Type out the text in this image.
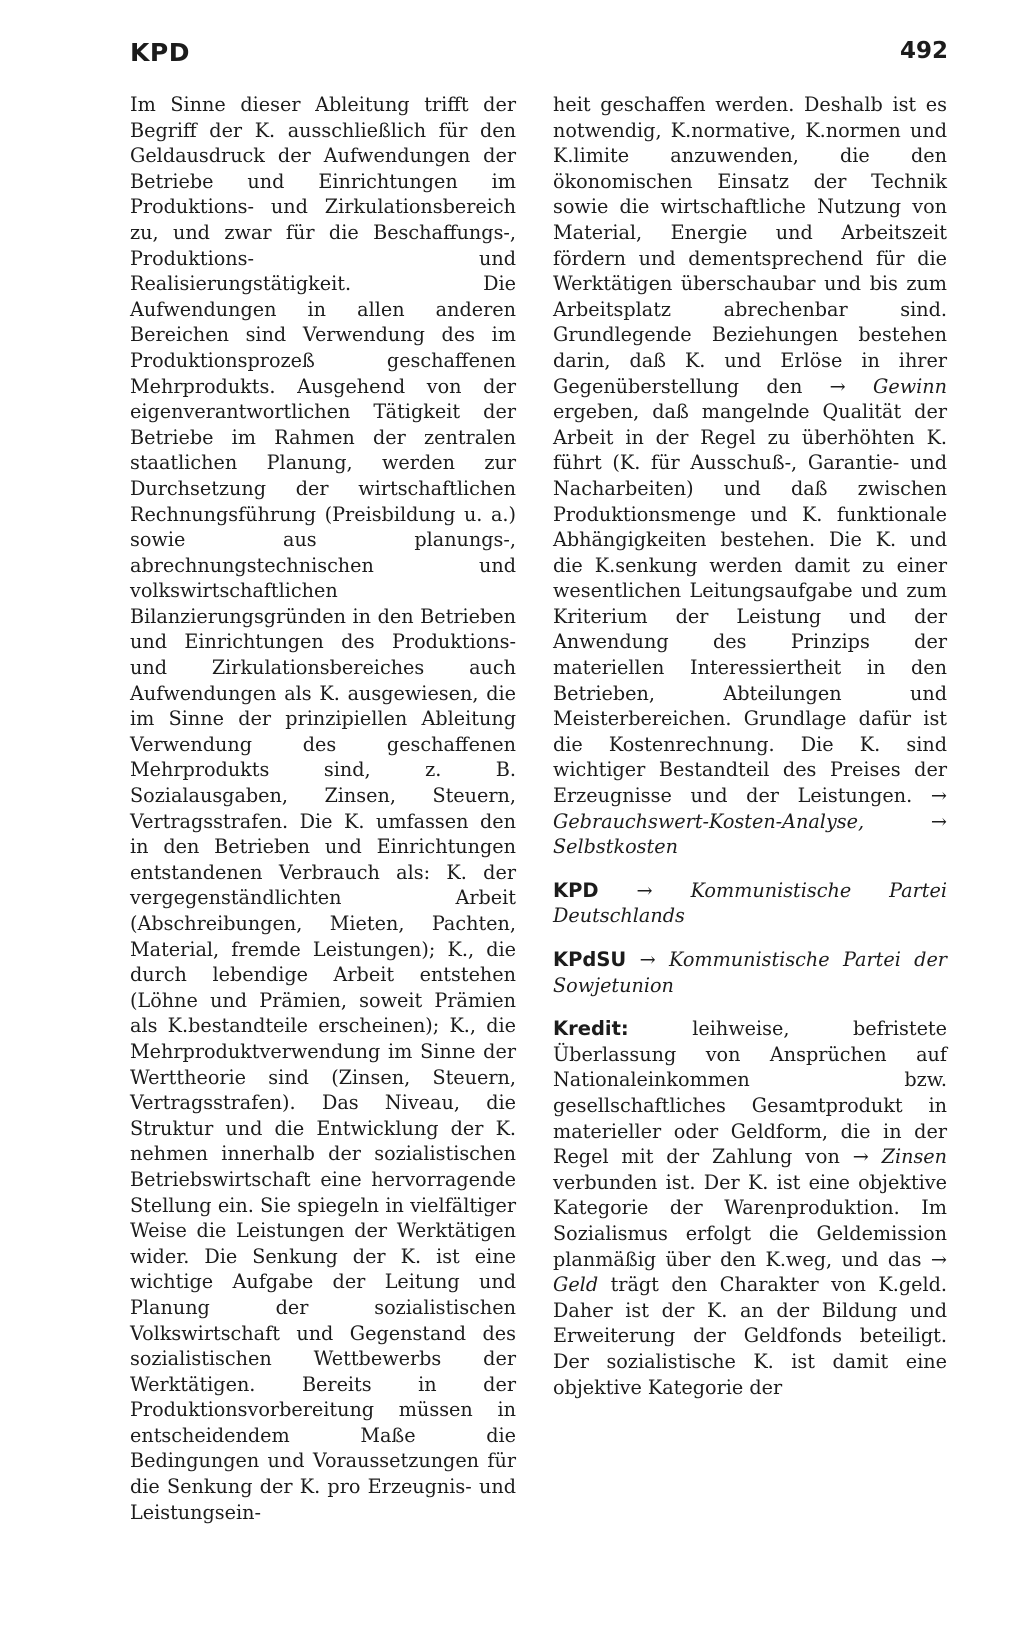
KPD	492

Im Sinne dieser Ableitung trifft der Begriff der K. ausschließlich für den Geldausdruck der Aufwendungen der Betriebe und Einrichtungen im Produktions- und Zirkulationsbereich zu, und zwar für die Beschaffungs-, Produktions- und Realisierungstätigkeit. Die Aufwendungen in allen anderen Bereichen sind Verwendung des im Produktionsprozeß geschaffenen Mehrprodukts. Ausgehend von der eigenverantwortlichen Tätigkeit der Betriebe im Rahmen der zentralen staatlichen Planung, werden zur Durchsetzung der wirtschaftlichen Rechnungsführung (Preisbildung u. a.) sowie aus planungs-, abrechnungstechnischen und volkswirtschaftlichen Bilanzierungsgründen in den Betrieben und Einrichtungen des Produktions- und Zirkulationsbereiches auch Aufwendungen als K. ausgewiesen, die im Sinne der prinzipiellen Ableitung Verwendung des geschaffenen Mehrprodukts sind, z. B. Sozialausgaben, Zinsen, Steuern, Vertragsstrafen. Die K. umfassen den in den Betrieben und Einrichtungen entstandenen Verbrauch als: K. der vergegenständlichten Arbeit (Abschreibungen, Mieten, Pachten, Material, fremde Leistungen); K., die durch lebendige Arbeit entstehen (Löhne und Prämien, soweit Prämien als K.bestandteile erscheinen); K., die Mehrproduktverwendung im Sinne der Werttheorie sind (Zinsen, Steuern, Vertragsstrafen). Das Niveau, die Struktur und die Entwicklung der K. nehmen innerhalb der sozialistischen Betriebswirtschaft eine hervorragende Stellung ein. Sie spiegeln in vielfältiger Weise die Leistungen der Werktätigen wider. Die Senkung der K. ist eine wichtige Aufgabe der Leitung und Planung der sozialistischen Volkswirtschaft und Gegenstand des sozialistischen Wettbewerbs der Werktätigen. Bereits in der Produktionsvorbereitung müssen in entscheidendem Maße die Bedingungen und Voraussetzungen für die Senkung der K. pro Erzeugnis- und Leistungsein-

heit geschaffen werden. Deshalb ist es notwendig, K.normative, K.normen und K.limite anzuwenden, die den ökonomischen Einsatz der Technik sowie die wirtschaftliche Nutzung von Material, Energie und Arbeitszeit fördern und dementsprechend für die Werktätigen überschaubar und bis zum Arbeitsplatz abrechenbar sind. Grundlegende Beziehungen bestehen darin, daß K. und Erlöse in ihrer Gegenüberstellung den → Gewinn ergeben, daß mangelnde Qualität der Arbeit in der Regel zu überhöhten K. führt (K. für Ausschuß-, Garantie- und Nacharbeiten) und daß zwischen Produktionsmenge und K. funktionale Abhängigkeiten bestehen. Die K. und die K.senkung werden damit zu einer wesentlichen Leitungsaufgabe und zum Kriterium der Leistung und der Anwendung des Prinzips der materiellen Interessiertheit in den Betrieben, Abteilungen und Meisterbereichen. Grundlage dafür ist die Kostenrechnung. Die K. sind wichtiger Bestandteil des Preises der Erzeugnisse und der Leistungen. → Gebrauchswert-Kosten-Analyse,	→ Selbstkosten

KPD → Kommunistische Partei Deutschlands

KPdSU → Kommunistische Partei der Sowjetunion

Kredit:	leihweise, befristete Überlassung von Ansprüchen auf Nationaleinkommen bzw. gesellschaftliches Gesamtprodukt in materieller oder Geldform, die in der Regel mit der Zahlung von → Zinsen verbunden ist. Der K. ist eine objektive Kategorie der Warenproduktion. Im Sozialismus erfolgt die Geldemission planmäßig über den K.weg, und das → Geld trägt den Charakter von K.geld. Daher ist der K. an der Bildung und Erweiterung der Geldfonds beteiligt. Der sozialistische K. ist damit eine objektive Kategorie der
